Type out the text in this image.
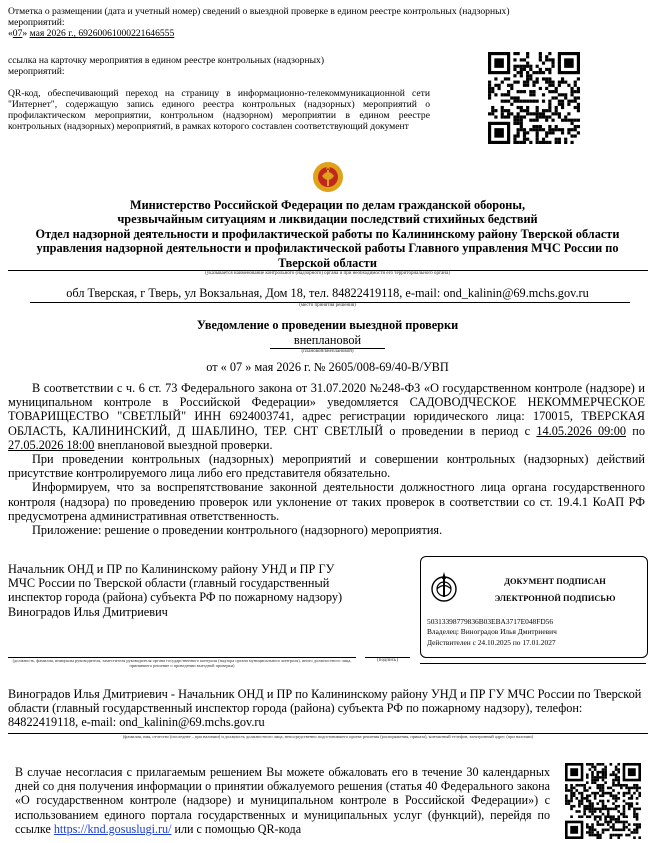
Отметка о размещении (дата и учетный номер) сведений о выездной проверке в едином реестре контрольных (надзорных)
мероприятий:
«07» мая 2026 г., 69260061000221646555
ссылка на карточку мероприятия в едином реестре контрольных (надзорных)
мероприятий:
QR-код, обеспечивающий переход на страницу в информационно-телекоммуникационной сети "Интернет", содержащую запись единого реестра контрольных (надзорных) мероприятий о профилактическом мероприятии, контрольном (надзорном) мероприятии в едином реестре контрольных (надзорных) мероприятий, в рамках которого составлен соответствующий документ
Министерство Российской Федерации по делам гражданской обороны,
чрезвычайным ситуациям и ликвидации последствий стихийных бедствий
Отдел надзорной деятельности и профилактической работы по Калининскому району Тверской области
управления надзорной деятельности и профилактической работы Главного управления МЧС России по
Тверской области
(указывается наименование контрольного (надзорного) органа и при необходимости его территориального органа)
обл Тверская, г Тверь, ул Вокзальная, Дом 18, тел. 84822419118, e-mail: ond_kalinin@69.mchs.gov.ru
(место принятия решения)
Уведомление о проведении выездной проверки
внеплановой
(плановой/внеплановой)
от « 07 » мая 2026 г. № 2605/008-69/40-В/УВП
В соответствии с ч. 6 ст. 73 Федерального закона от 31.07.2020 №248-ФЗ «О государственном контроле (надзоре) и муниципальном контроле в Российской Федерации» уведомляется САДОВОДЧЕСКОЕ НЕКОММЕРЧЕСКОЕ ТОВАРИЩЕСТВО "СВЕТЛЫЙ" ИНН 6924003741, адрес регистрации юридического лица: 170015, ТВЕРСКАЯ ОБЛАСТЬ, КАЛИНИНСКИЙ, Д ШАБЛИНО, ТЕР. СНТ СВЕТЛЫЙ о проведении в период с 14.05.2026 09:00 по 27.05.2026 18:00 внеплановой выездной проверки.
При проведении контрольных (надзорных) мероприятий и совершении контрольных (надзорных) действий присутствие контролируемого лица либо его представителя обязательно.
Информируем, что за воспрепятствование законной деятельности должностного лица органа государственного контроля (надзора) по проведению проверок или уклонение от таких проверок в соответствии со ст. 19.4.1 КоАП РФ предусмотрена административная ответственность.
Приложение: решение о проведении контрольного (надзорного) мероприятия.
Начальник ОНД и ПР по Калининскому району УНД и ПР ГУ МЧС России по Тверской области (главный государственный инспектор города (района) субъекта РФ по пожарному надзору) Виноградов Илья Дмитриевич
(должность, фамилия, инициалы руководителя, заместителя руководителя органа государственного контроля (надзора органа муниципального контроля), иного должностного лица, принявшего решение о проведении выездной проверки)
(подпись)
ДОКУМЕНТ ПОДПИСАН
ЭЛЕКТРОННОЙ ПОДПИСЬЮ
5031339877983​6B03EBA3717E048FD56
Владелец: Виноградов Илья Дмитриевич
Действителен с 24.10.2025 по 17.01.2027
Виноградов Илья Дмитриевич - Начальник ОНД и ПР по Калининскому району УНД и ПР ГУ МЧС России по Тверской области (главный государственный инспектор города (района) субъекта РФ по пожарному надзору), телефон: 84822419118, e-mail: ond_kalinin@69.mchs.gov.ru
(фамилия, имя, отчество (последнее – при наличии) и должность должностного лица, непосредственно подготовившего проект решения (распоряжения, приказа), контактный телефон, электронный адрес (при наличии)
В случае несогласия с прилагаемым решением Вы можете обжаловать его в течение 30 календарных дней со дня получения информации о принятии обжалуемого решения (статья 40 Федерального закона «О государственном контроле (надзоре) и муниципальном контроле в Российской Федерации») с использованием единого портала государственных и муниципальных услуг (функций), перейдя по ссылке https://knd.gosuslugi.ru/ или с помощью QR-кода
